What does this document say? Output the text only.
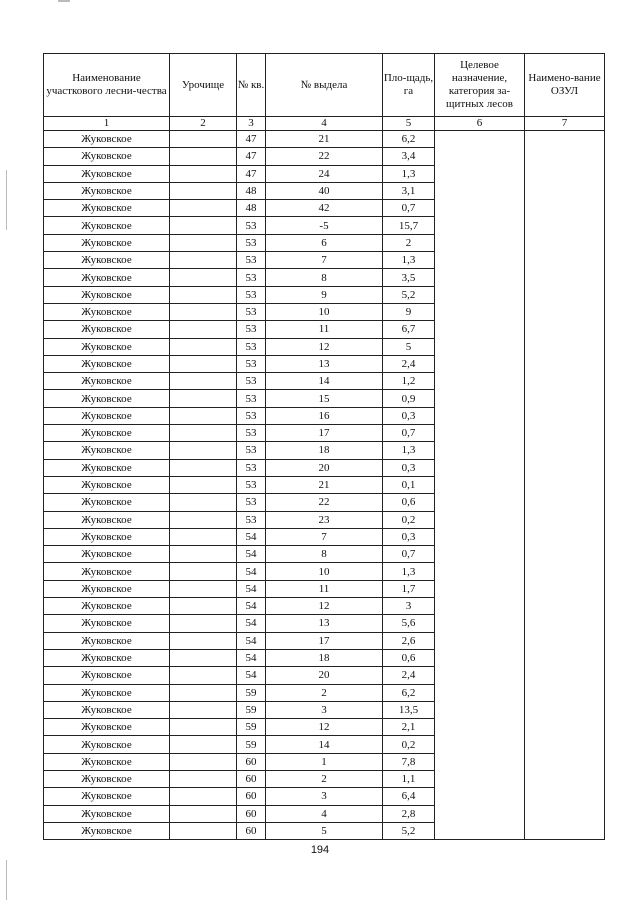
Наименование участкового лесни-чества	Урочище	№ кв.	№ выдела	Пло-щадь, га	Целевое назначение, категория за-щитных лесов	Наимено-вание ОЗУЛ
1	2	3	4	5	6	7
Жуковское		47	21	6,2		
Жуковское		47	22	3,4		
Жуковское		47	24	1,3		
Жуковское		48	40	3,1		
Жуковское		48	42	0,7		
Жуковское		53	-5	15,7		
Жуковское		53	6	2		
Жуковское		53	7	1,3		
Жуковское		53	8	3,5		
Жуковское		53	9	5,2		
Жуковское		53	10	9		
Жуковское		53	11	6,7		
Жуковское		53	12	5		
Жуковское		53	13	2,4		
Жуковское		53	14	1,2		
Жуковское		53	15	0,9		
Жуковское		53	16	0,3		
Жуковское		53	17	0,7		
Жуковское		53	18	1,3		
Жуковское		53	20	0,3		
Жуковское		53	21	0,1		
Жуковское		53	22	0,6		
Жуковское		53	23	0,2		
Жуковское		54	7	0,3		
Жуковское		54	8	0,7		
Жуковское		54	10	1,3		
Жуковское		54	11	1,7		
Жуковское		54	12	3		
Жуковское		54	13	5,6		
Жуковское		54	17	2,6		
Жуковское		54	18	0,6		
Жуковское		54	20	2,4		
Жуковское		59	2	6,2		
Жуковское		59	3	13,5		
Жуковское		59	12	2,1		
Жуковское		59	14	0,2		
Жуковское		60	1	7,8		
Жуковское		60	2	1,1		
Жуковское		60	3	6,4		
Жуковское		60	4	2,8		
Жуковское		60	5	5,2		
194
